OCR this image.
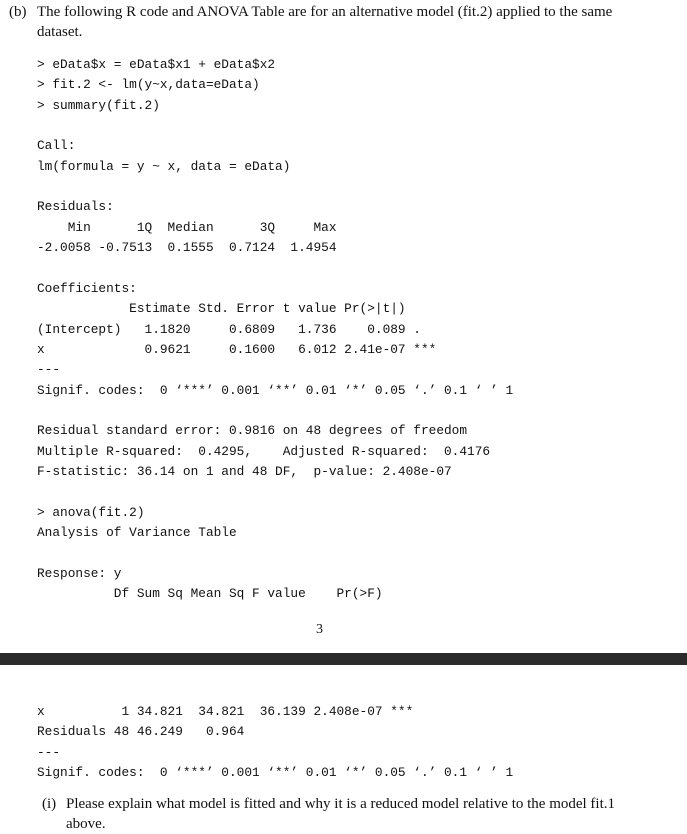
(b) The following R code and ANOVA Table are for an alternative model (fit.2) applied to the same
dataset.
> eData$x = eData$x1 + eData$x2
> fit.2 <- lm(y~x,data=eData)
> summary(fit.2)
Call:
lm(formula = y ~ x, data = eData)
Residuals:
Min      1Q  Median      3Q     Max
-2.0058 -0.7513  0.1555  0.7124  1.4954
Coefficients:
Estimate Std. Error t value Pr(>|t|)
(Intercept)   1.1820     0.6809   1.736    0.089 .
x             0.9621     0.1600   6.012 2.41e-07 ***
---
Signif. codes:  0 ‘***’ 0.001 ‘**’ 0.01 ‘*’ 0.05 ‘.’ 0.1 ‘ ’ 1
Residual standard error: 0.9816 on 48 degrees of freedom
Multiple R-squared:  0.4295,    Adjusted R-squared:  0.4176
F-statistic: 36.14 on 1 and 48 DF,  p-value: 2.408e-07
> anova(fit.2)
Analysis of Variance Table
Response: y
Df Sum Sq Mean Sq F value    Pr(>F)
3
x          1 34.821  34.821  36.139 2.408e-07 ***
Residuals 48 46.249   0.964
---
Signif. codes:  0 ‘***’ 0.001 ‘**’ 0.01 ‘*’ 0.05 ‘.’ 0.1 ‘ ’ 1
(i) Please explain what model is fitted and why it is a reduced model relative to the model fit.1
above.
